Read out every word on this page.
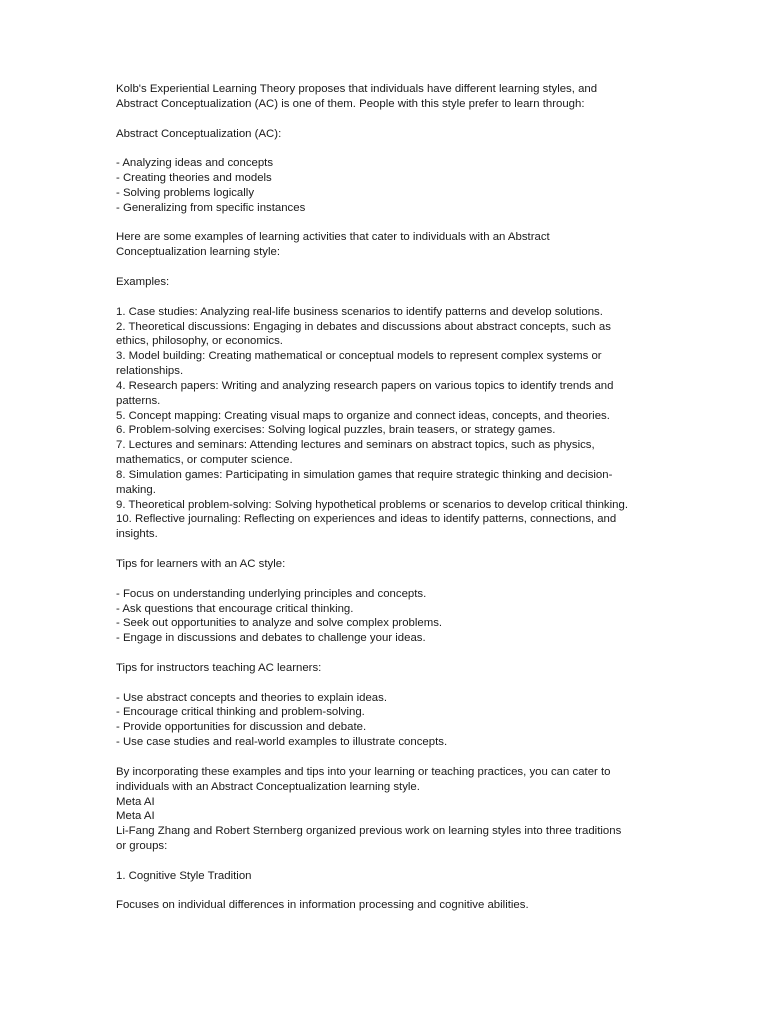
Kolb's Experiential Learning Theory proposes that individuals have different learning styles, and
Abstract Conceptualization (AC) is one of them. People with this style prefer to learn through:
Abstract Conceptualization (AC):
- Analyzing ideas and concepts
- Creating theories and models
- Solving problems logically
- Generalizing from specific instances
Here are some examples of learning activities that cater to individuals with an Abstract
Conceptualization learning style:
Examples:
1. Case studies: Analyzing real-life business scenarios to identify patterns and develop solutions.
2. Theoretical discussions: Engaging in debates and discussions about abstract concepts, such as
ethics, philosophy, or economics.
3. Model building: Creating mathematical or conceptual models to represent complex systems or
relationships.
4. Research papers: Writing and analyzing research papers on various topics to identify trends and
patterns.
5. Concept mapping: Creating visual maps to organize and connect ideas, concepts, and theories.
6. Problem-solving exercises: Solving logical puzzles, brain teasers, or strategy games.
7. Lectures and seminars: Attending lectures and seminars on abstract topics, such as physics,
mathematics, or computer science.
8. Simulation games: Participating in simulation games that require strategic thinking and decision-
making.
9. Theoretical problem-solving: Solving hypothetical problems or scenarios to develop critical thinking.
10. Reflective journaling: Reflecting on experiences and ideas to identify patterns, connections, and
insights.
Tips for learners with an AC style:
- Focus on understanding underlying principles and concepts.
- Ask questions that encourage critical thinking.
- Seek out opportunities to analyze and solve complex problems.
- Engage in discussions and debates to challenge your ideas.
Tips for instructors teaching AC learners:
- Use abstract concepts and theories to explain ideas.
- Encourage critical thinking and problem-solving.
- Provide opportunities for discussion and debate.
- Use case studies and real-world examples to illustrate concepts.
By incorporating these examples and tips into your learning or teaching practices, you can cater to
individuals with an Abstract Conceptualization learning style.
Meta AI
Meta AI
Li-Fang Zhang and Robert Sternberg organized previous work on learning styles into three traditions
or groups:
1. Cognitive Style Tradition
Focuses on individual differences in information processing and cognitive abilities.
